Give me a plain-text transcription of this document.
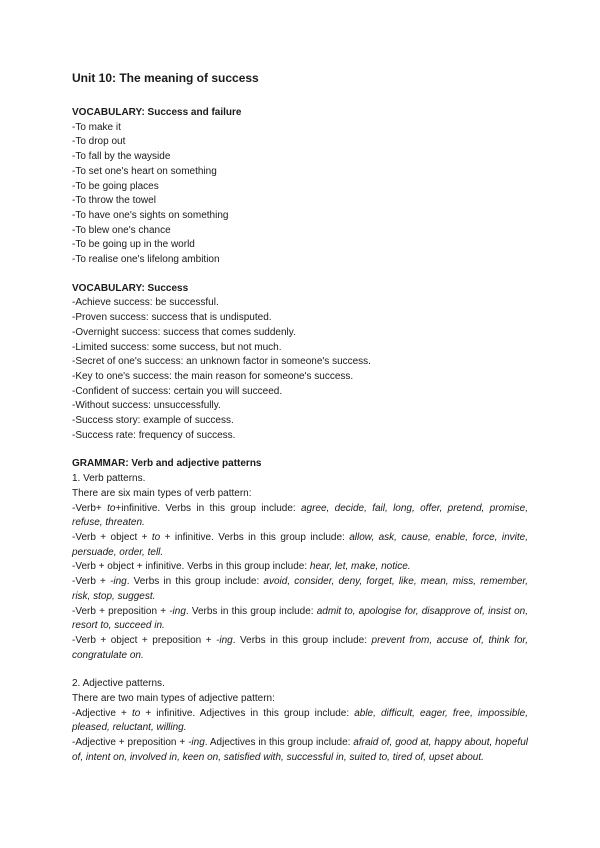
Unit 10: The meaning of success
VOCABULARY: Success and failure
-To make it
-To drop out
-To fall by the wayside
-To set one's heart on something
-To be going places
-To throw the towel
-To have one's sights on something
-To blew one's chance
-To be going up in the world
-To realise one's lifelong ambition
VOCABULARY: Success
-Achieve success: be successful.
-Proven success: success that is undisputed.
-Overnight success: success that comes suddenly.
-Limited success: some success, but not much.
-Secret of one's success: an unknown factor in someone's success.
-Key to one's success: the main reason for someone's success.
-Confident of success: certain you will succeed.
-Without success: unsuccessfully.
-Success story: example of success.
-Success rate: frequency of success.
GRAMMAR: Verb and adjective patterns
1. Verb patterns.
There are six main types of verb pattern:
-Verb+ to+infinitive. Verbs in this group include: agree, decide, fail, long, offer, pretend, promise, refuse, threaten.
-Verb + object + to + infinitive. Verbs in this group include: allow, ask, cause, enable, force, invite, persuade, order, tell.
-Verb + object + infinitive. Verbs in this group include: hear, let, make, notice.
-Verb + -ing. Verbs in this group include: avoid, consider, deny, forget, like, mean, miss, remember, risk, stop, suggest.
-Verb + preposition + -ing. Verbs in this group include: admit to, apologise for, disapprove of, insist on, resort to, succeed in.
-Verb + object + preposition + -ing. Verbs in this group include: prevent from, accuse of, think for, congratulate on.
2. Adjective patterns.
There are two main types of adjective pattern:
-Adjective + to + infinitive. Adjectives in this group include: able, difficult, eager, free, impossible, pleased, reluctant, willing.
-Adjective + preposition + -ing. Adjectives in this group include: afraid of, good at, happy about, hopeful of, intent on, involved in, keen on, satisfied with, successful in, suited to, tired of, upset about.
